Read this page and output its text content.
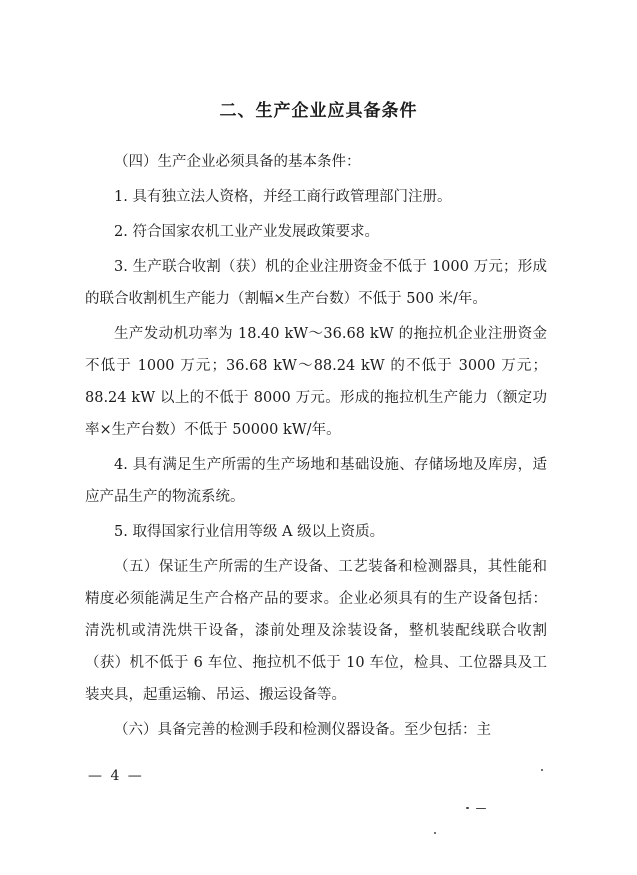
二、生产企业应具备条件

（四）生产企业必须具备的基本条件：

1. 具有独立法人资格，并经工商行政管理部门注册。

2. 符合国家农机工业产业发展政策要求。

3. 生产联合收割（获）机的企业注册资金不低于 1000 万元；形成的联合收割机生产能力（割幅×生产台数）不低于 500 米/年。

生产发动机功率为 18.40 kW～36.68 kW 的拖拉机企业注册资金不低于 1000 万元；36.68 kW～88.24 kW 的不低于 3000 万元；88.24 kW 以上的不低于 8000 万元。形成的拖拉机生产能力（额定功率×生产台数）不低于 50000 kW/年。

4. 具有满足生产所需的生产场地和基础设施、存储场地及库房，适应产品生产的物流系统。

5. 取得国家行业信用等级 A 级以上资质。

（五）保证生产所需的生产设备、工艺装备和检测器具，其性能和精度必须能满足生产合格产品的要求。企业必须具有的生产设备包括：清洗机或清洗烘干设备，漆前处理及涂装设备，整机装配线联合收割（获）机不低于 6 车位、拖拉机不低于 10 车位，检具、工位器具及工装夹具，起重运输、吊运、搬运设备等。

（六）具备完善的检测手段和检测仪器设备。至少包括：主

— 4 —
